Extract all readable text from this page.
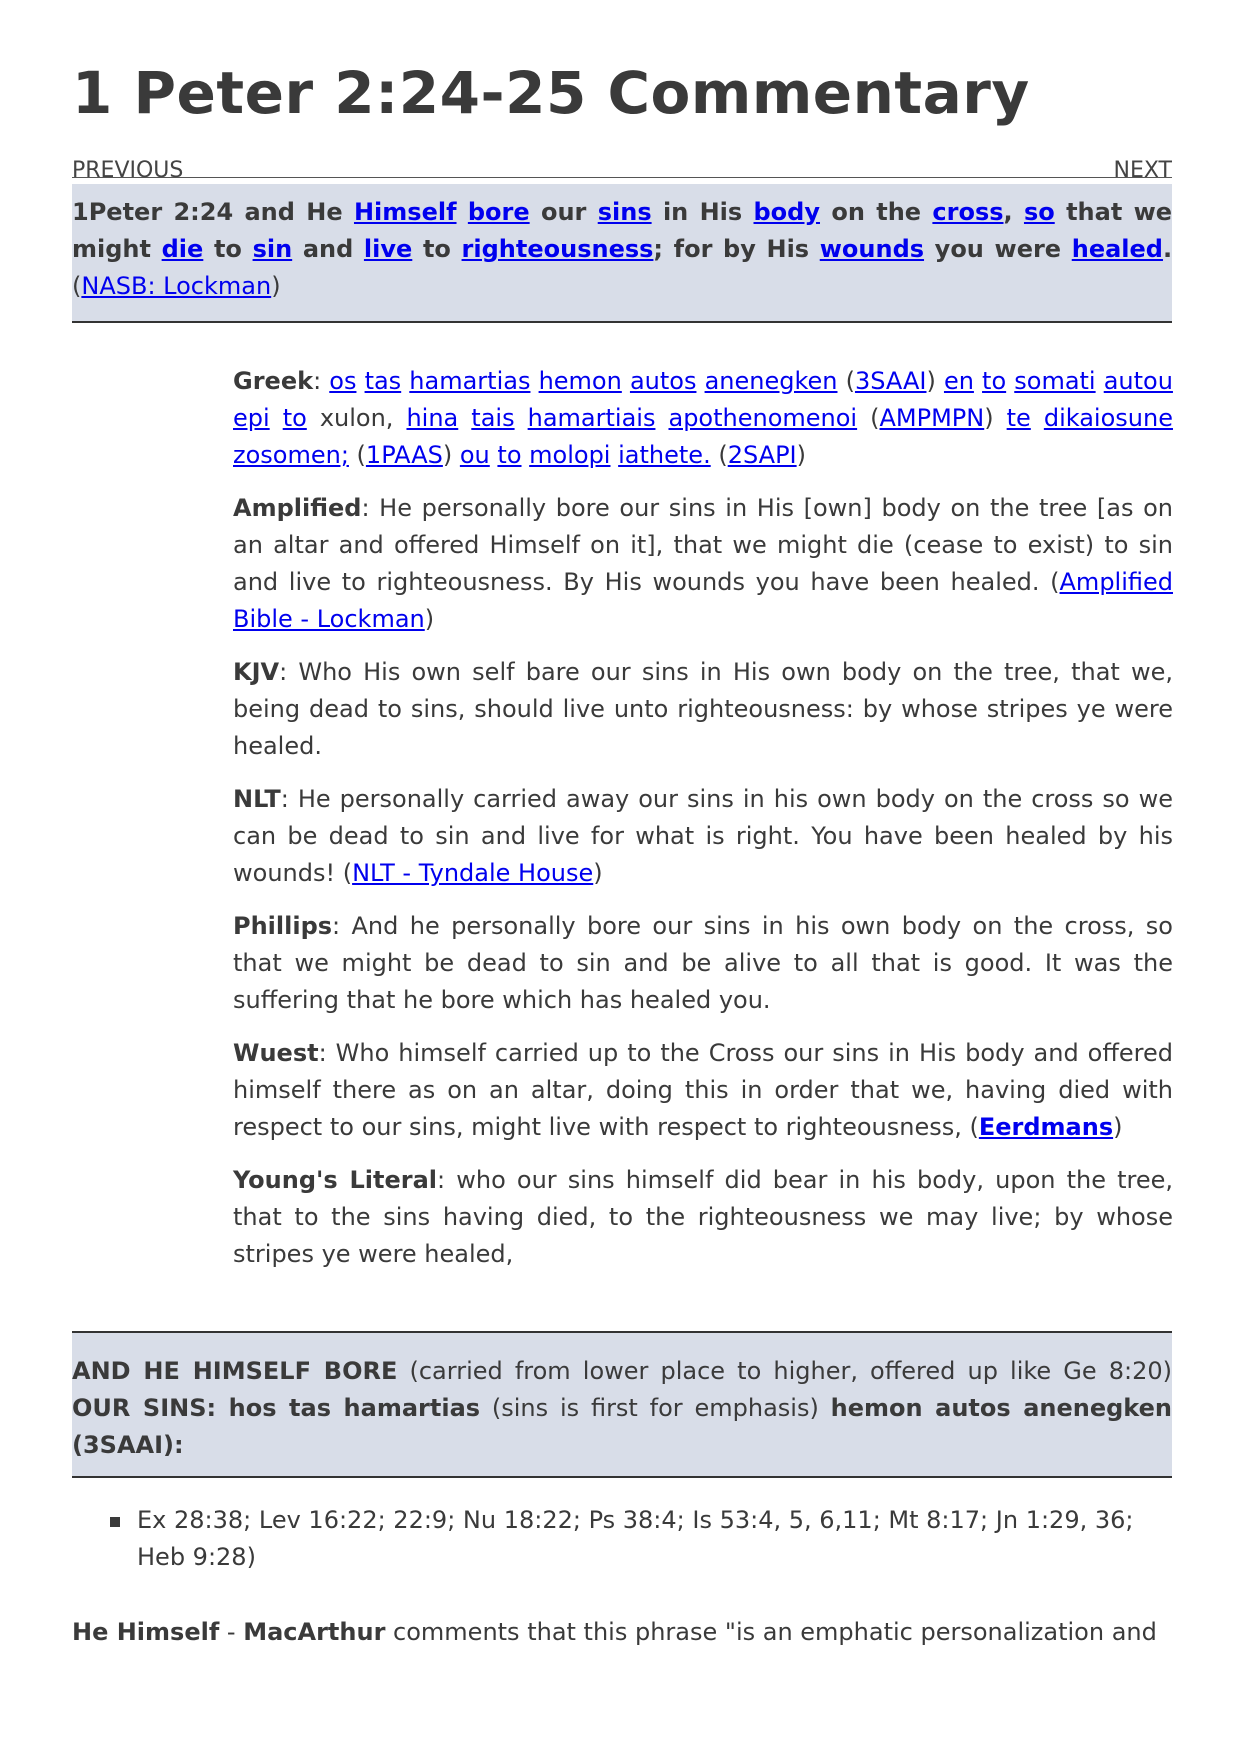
1 Peter 2:24-25 Commentary
PREVIOUS	NEXT
1Peter 2:24 and He Himself bore our sins in His body on the cross, so that we might die to sin and live to righteousness; for by His wounds you were healed. (NASB: Lockman)

Greek: os tas hamartias hemon autos anenegken (3SAAI) en to somati autou epi to xulon, hina tais hamartiais apothenomenoi (AMPMPN) te dikaiosune zosomen; (1PAAS) ou to molopi iathete. (2SAPI)

Amplified: He personally bore our sins in His [own] body on the tree [as on an altar and offered Himself on it], that we might die (cease to exist) to sin and live to righteousness. By His wounds you have been healed. (Amplified Bible - Lockman)

KJV: Who His own self bare our sins in His own body on the tree, that we, being dead to sins, should live unto righteousness: by whose stripes ye were healed.

NLT: He personally carried away our sins in his own body on the cross so we can be dead to sin and live for what is right. You have been healed by his wounds! (NLT - Tyndale House)

Phillips: And he personally bore our sins in his own body on the cross, so that we might be dead to sin and be alive to all that is good. It was the suffering that he bore which has healed you.

Wuest: Who himself carried up to the Cross our sins in His body and offered himself there as on an altar, doing this in order that we, having died with respect to our sins, might live with respect to righteousness, (Eerdmans)

Young's Literal: who our sins himself did bear in his body, upon the tree, that to the sins having died, to the righteousness we may live; by whose stripes ye were healed,

AND HE HIMSELF BORE (carried from lower place to higher, offered up like Ge 8:20) OUR SINS: hos tas hamartias (sins is first for emphasis) hemon autos anenegken (3SAAI):
Ex 28:38; Lev 16:22; 22:9; Nu 18:22; Ps 38:4; Is 53:4, 5, 6,11; Mt 8:17; Jn 1:29, 36; Heb 9:28)
He Himself - MacArthur comments that this phrase "is an emphatic personalization and
